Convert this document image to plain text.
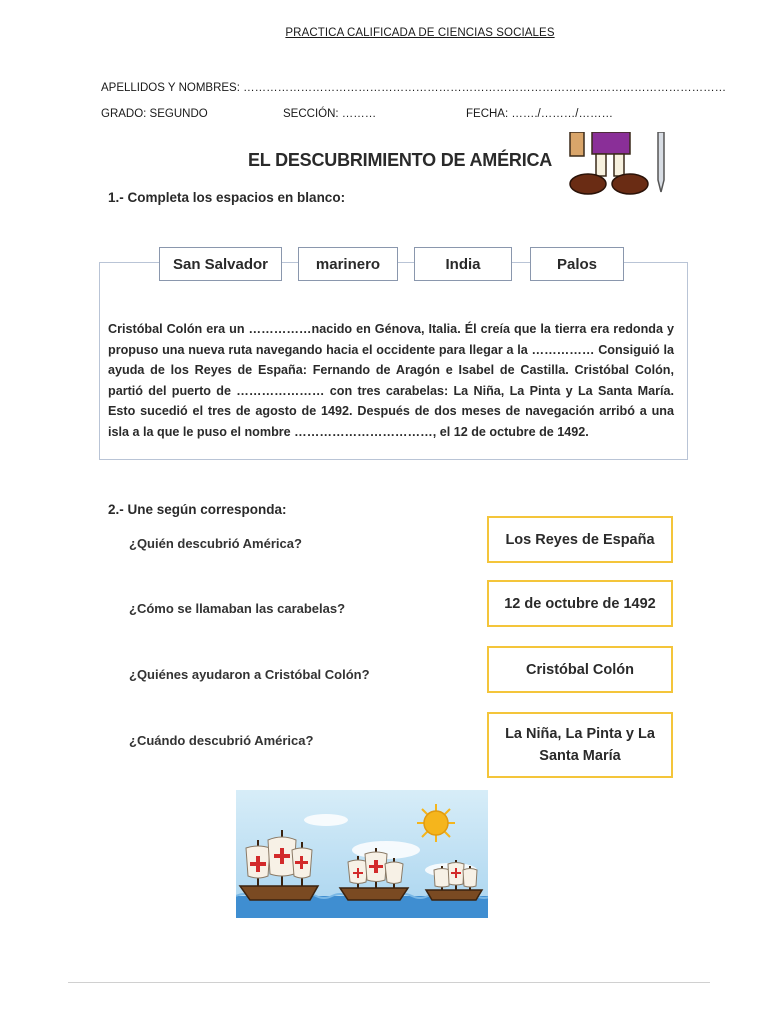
PRACTICA CALIFICADA DE CIENCIAS SOCIALES
APELLIDOS Y NOMBRES: ………………………………………………………………………………………………………………
GRADO: SEGUNDO	SECCIÓN: ………	FECHA: ……./………/………
EL DESCUBRIMIENTO DE AMÉRICA
1.- Completa los espacios en blanco:
San Salvador	marinero	India	Palos
Cristóbal Colón era un ……………nacido en Génova, Italia. Él creía que la tierra era redonda y propuso una nueva ruta navegando hacia el occidente para llegar a la …………… Consiguió la ayuda de los Reyes de España: Fernando de Aragón e Isabel de Castilla. Cristóbal Colón, partió del puerto de ………………… con tres carabelas: La Niña, La Pinta y La Santa María. Esto sucedió el tres de agosto de 1492. Después de dos meses de navegación arribó a una isla a la que le puso el nombre ……………………………, el 12 de octubre de 1492.
2.- Une según corresponda:
¿Quién descubrió América?
¿Cómo se llamaban las carabelas?
¿Quiénes ayudaron a Cristóbal Colón?
¿Cuándo descubrió América?
Los Reyes de España
12 de octubre de 1492
Cristóbal Colón
La Niña, La Pinta y La Santa María
